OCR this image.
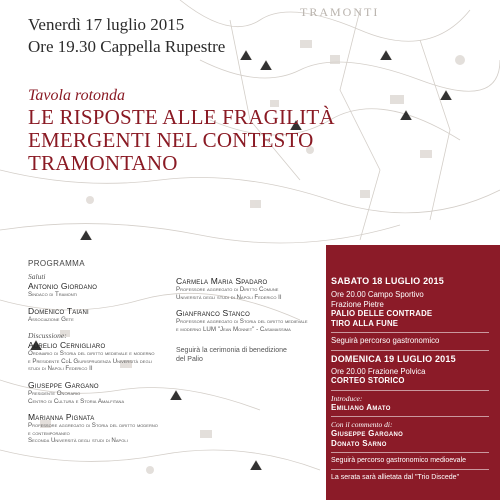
TRAMONTI
Venerdì 17 luglio 2015
Ore 19.30 Cappella Rupestre
Tavola rotonda
LE RISPOSTE ALLE FRAGILITÀ
EMERGENTI NEL CONTESTO
TRAMONTANO
PROGRAMMA
Saluti
Antonio Giordano
Sindaco di Tramonti
Domenico Taiani
Associazione Gete
Discussione:
Aurelio Cernigliaro
Ordinario di Storia del diritto medievale e moderno
e Presidente CdL Giurisprudenza Università degli
studi di Napoli Federico II
Giuseppe Gargano
Presidente Onorario
Centro di Cultura e Storia Amalfitana
Marianna Pignata
Professore aggregato di Storia del diritto moderno
e contemporaneo
Seconda Università degli studi di Napoli
Carmela Maria Spadaro
Professore aggregato di Diritto Comune
Università degli studi di Napoli Federico II
Gianfranco Stanco
Professore aggregato di Storia del diritto medievale
e moderno LUM "Jean Monnet" - Casamassima
Seguirà la cerimonia di benedizione
del Palio
SABATO 18 LUGLIO 2015
Ore 20.00 Campo Sportivo
Frazione Pietre
PALIO DELLE CONTRADE
TIRO ALLA FUNE
Seguirà percorso gastronomico
DOMENICA 19 LUGLIO 2015
Ore 20.00 Frazione Polvica
CORTEO STORICO
Introduce:
Emiliano Amato
Con il commento di:
Giuseppe Gargano
Donato Sarno
Seguirà percorso gastronomico medioevale
La serata sarà allietata dal "Trio Discede"
